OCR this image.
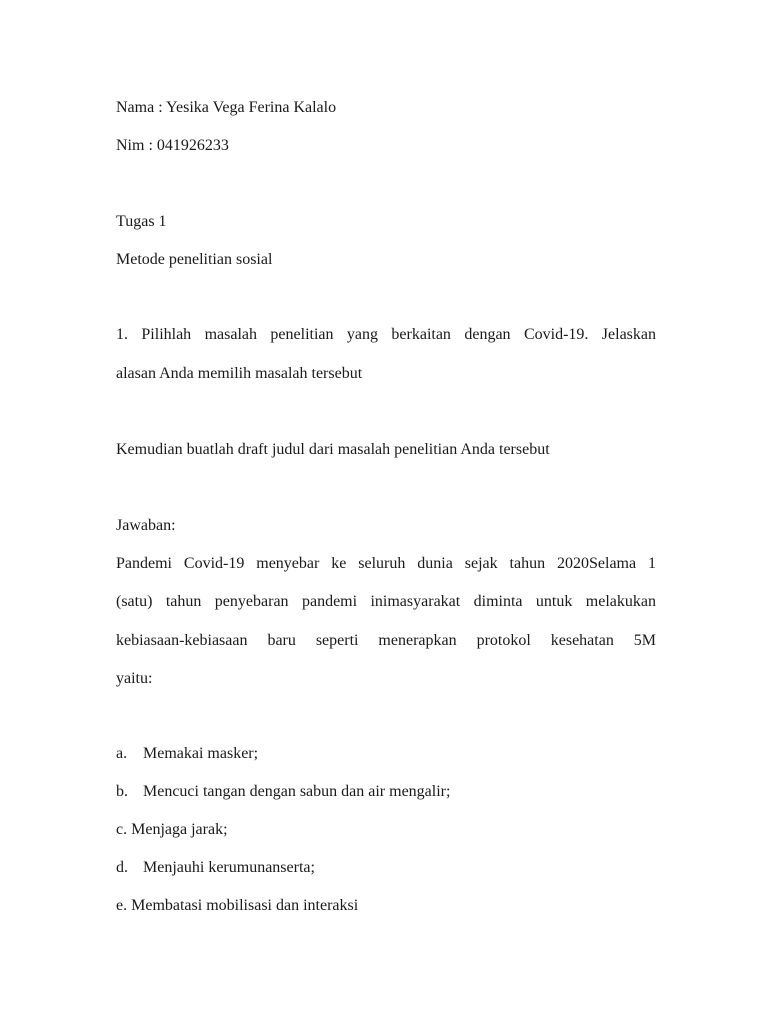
Nama : Yesika Vega Ferina Kalalo
Nim : 041926233
Tugas 1
Metode penelitian sosial
1. Pilihlah masalah penelitian yang berkaitan dengan Covid-19. Jelaskan
alasan Anda memilih masalah tersebut
Kemudian buatlah draft judul dari masalah penelitian Anda tersebut
Jawaban:
Pandemi Covid-19 menyebar ke seluruh dunia sejak tahun 2020Selama 1
(satu) tahun penyebaran pandemi inimasyarakat diminta untuk melakukan
kebiasaan-kebiasaan baru seperti menerapkan protokol kesehatan 5M
yaitu:
a. Memakai masker;
b. Mencuci tangan dengan sabun dan air mengalir;
c. Menjaga jarak;
d. Menjauhi kerumunanserta;
e. Membatasi mobilisasi dan interaksi
